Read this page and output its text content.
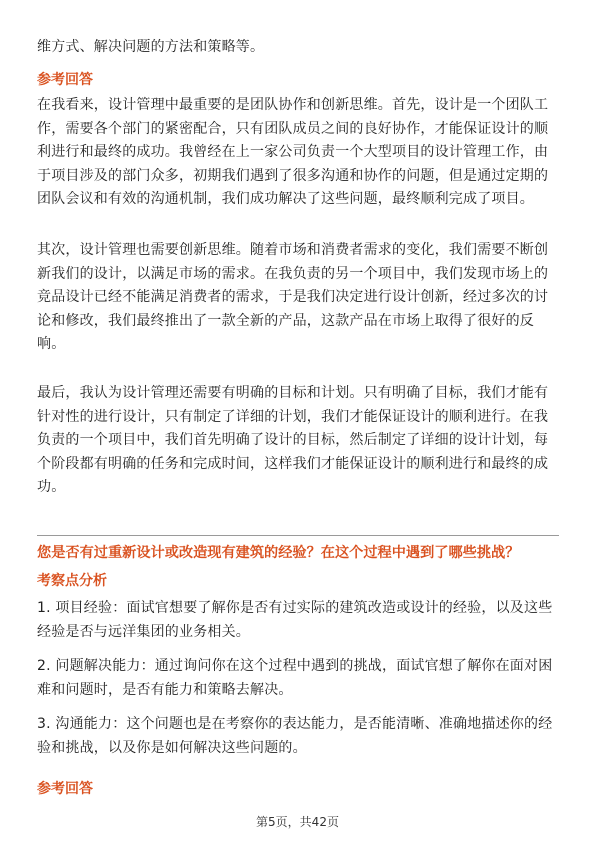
维方式、解决问题的方法和策略等。
参考回答
在我看来，设计管理中最重要的是团队协作和创新思维。首先，设计是一个团队工作，需要各个部门的紧密配合，只有团队成员之间的良好协作，才能保证设计的顺利进行和最终的成功。我曾经在上一家公司负责一个大型项目的设计管理工作，由于项目涉及的部门众多，初期我们遇到了很多沟通和协作的问题，但是通过定期的团队会议和有效的沟通机制，我们成功解决了这些问题，最终顺利完成了项目。
其次，设计管理也需要创新思维。随着市场和消费者需求的变化，我们需要不断创新我们的设计，以满足市场的需求。在我负责的另一个项目中，我们发现市场上的竞品设计已经不能满足消费者的需求，于是我们决定进行设计创新，经过多次的讨论和修改，我们最终推出了一款全新的产品，这款产品在市场上取得了很好的反响。
最后，我认为设计管理还需要有明确的目标和计划。只有明确了目标，我们才能有针对性的进行设计，只有制定了详细的计划，我们才能保证设计的顺利进行。在我负责的一个项目中，我们首先明确了设计的目标，然后制定了详细的设计计划，每个阶段都有明确的任务和完成时间，这样我们才能保证设计的顺利进行和最终的成功。
您是否有过重新设计或改造现有建筑的经验？在这个过程中遇到了哪些挑战？
考察点分析
1. 项目经验：面试官想要了解你是否有过实际的建筑改造或设计的经验，以及这些经验是否与远洋集团的业务相关。
2. 问题解决能力：通过询问你在这个过程中遇到的挑战，面试官想了解你在面对困难和问题时，是否有能力和策略去解决。
3. 沟通能力：这个问题也是在考察你的表达能力，是否能清晰、准确地描述你的经验和挑战，以及你是如何解决这些问题的。
参考回答
第5页，共42页
